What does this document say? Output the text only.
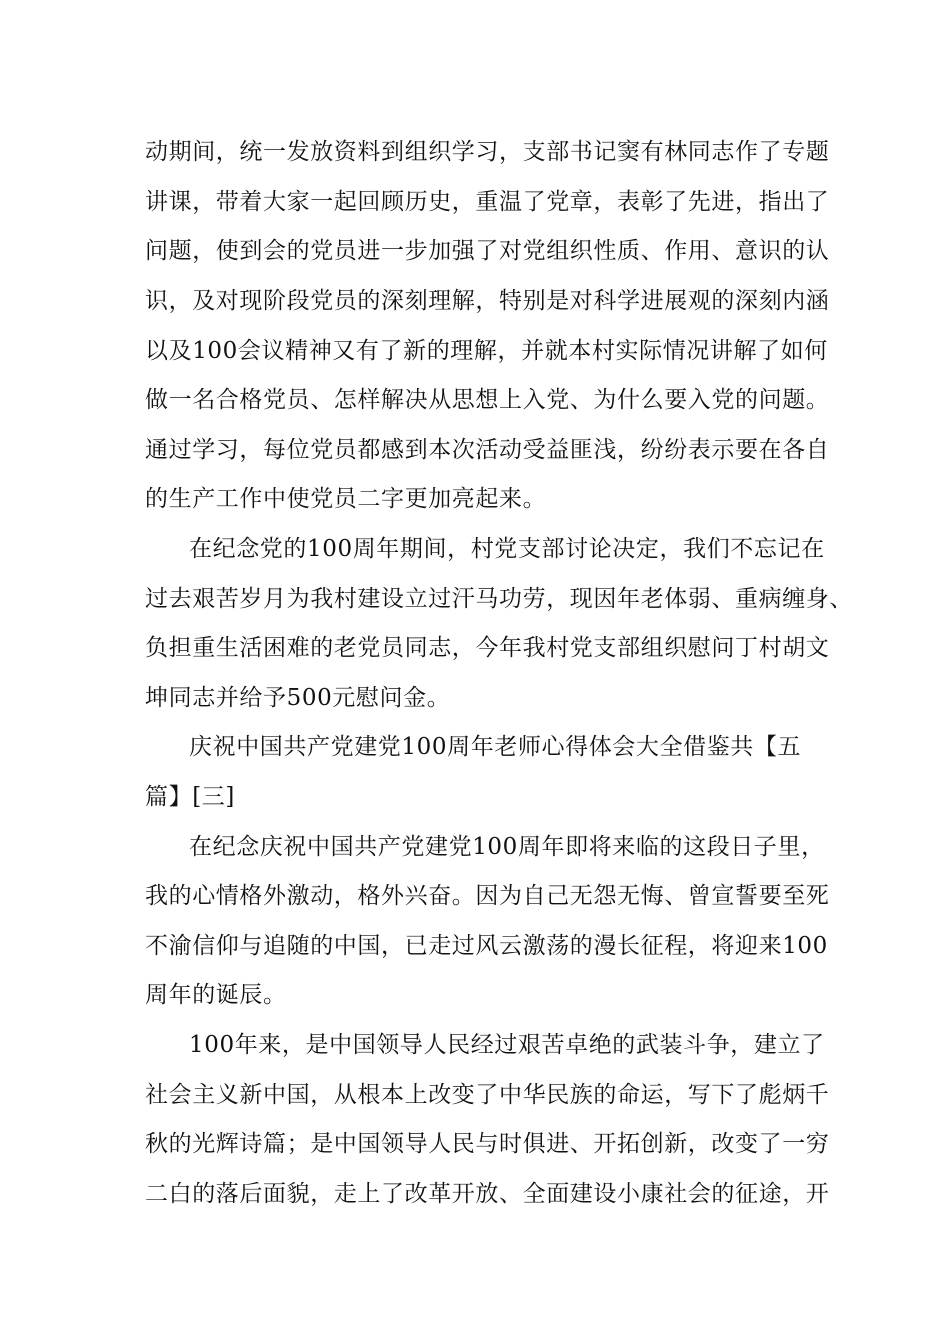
动期间，统一发放资料到组织学习，支部书记窦有林同志作了专题
讲课，带着大家一起回顾历史，重温了党章，表彰了先进，指出了
问题，使到会的党员进一步加强了对党组织性质、作用、意识的认
识，及对现阶段党员的深刻理解，特别是对科学进展观的深刻内涵
以及100会议精神又有了新的理解，并就本村实际情况讲解了如何
做一名合格党员、怎样解决从思想上入党、为什么要入党的问题。
通过学习，每位党员都感到本次活动受益匪浅，纷纷表示要在各自
的生产工作中使党员二字更加亮起来。
在纪念党的100周年期间，村党支部讨论决定，我们不忘记在
过去艰苦岁月为我村建设立过汗马功劳，现因年老体弱、重病缠身、
负担重生活困难的老党员同志，今年我村党支部组织慰问丁村胡文
坤同志并给予500元慰问金。
庆祝中国共产党建党100周年老师心得体会大全借鉴共【五
篇】[三]
在纪念庆祝中国共产党建党100周年即将来临的这段日子里，
我的心情格外激动，格外兴奋。因为自己无怨无悔、曾宣誓要至死
不渝信仰与追随的中国，已走过风云激荡的漫长征程，将迎来100
周年的诞辰。
100年来，是中国领导人民经过艰苦卓绝的武装斗争，建立了
社会主义新中国，从根本上改变了中华民族的命运，写下了彪炳千
秋的光辉诗篇；是中国领导人民与时俱进、开拓创新，改变了一穷
二白的落后面貌，走上了改革开放、全面建设小康社会的征途，开
